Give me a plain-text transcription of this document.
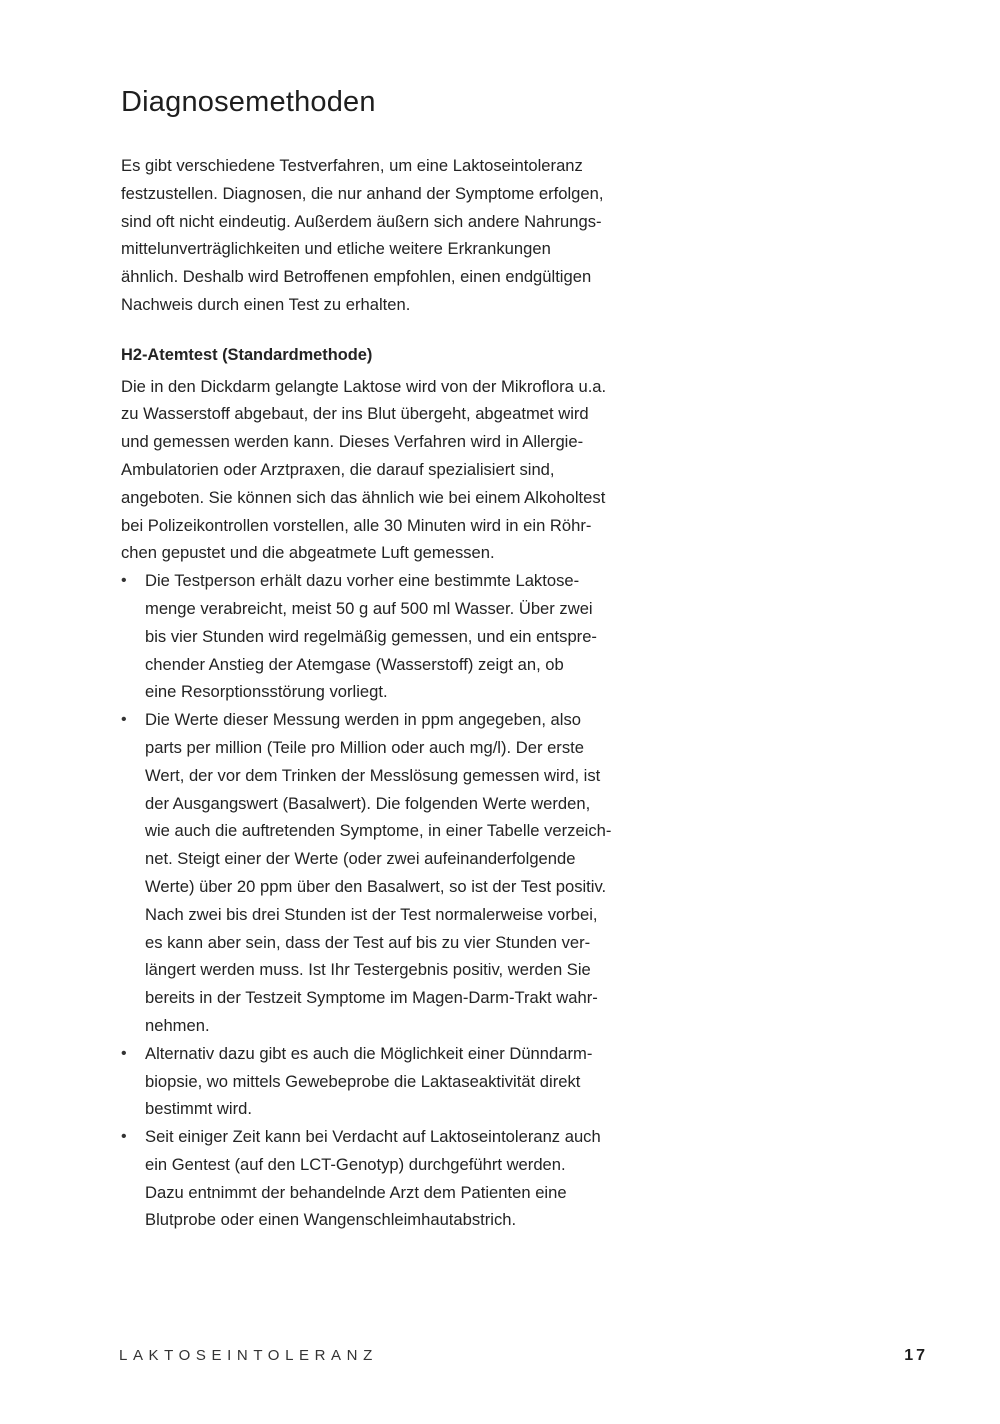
Diagnosemethoden
Es gibt verschiedene Testverfahren, um eine Laktoseintoleranz
festzustellen. Diagnosen, die nur anhand der Symptome erfolgen,
sind oft nicht eindeutig. Außerdem äußern sich andere Nahrungs-
mittelunverträglichkeiten und etliche weitere Erkrankungen
ähnlich. Deshalb wird Betroffenen empfohlen, einen endgültigen
Nachweis durch einen Test zu erhalten.
H2-Atemtest (Standardmethode)
Die in den Dickdarm gelangte Laktose wird von der Mikroflora u.a.
zu Wasserstoff abgebaut, der ins Blut übergeht, abgeatmet wird
und gemessen werden kann. Dieses Verfahren wird in Allergie-
Ambulatorien oder Arztpraxen, die darauf spezialisiert sind,
angeboten. Sie können sich das ähnlich wie bei einem Alkoholtest
bei Polizeikontrollen vorstellen, alle 30 Minuten wird in ein Röhr-
chen gepustet und die abgeatmete Luft gemessen.
•	Die Testperson erhält dazu vorher eine bestimmte Laktose-
menge verabreicht, meist 50 g auf 500 ml Wasser. Über zwei
bis vier Stunden wird regelmäßig gemessen, und ein entspre-
chender Anstieg der Atemgase (Wasserstoff) zeigt an, ob
eine Resorptionsstörung vorliegt.
•	Die Werte dieser Messung werden in ppm angegeben, also
parts per million (Teile pro Million oder auch mg/l). Der erste
Wert, der vor dem Trinken der Messlösung gemessen wird, ist
der Ausgangswert (Basalwert). Die folgenden Werte werden,
wie auch die auftretenden Symptome, in einer Tabelle verzeich-
net. Steigt einer der Werte (oder zwei aufeinanderfolgende
Werte) über 20 ppm über den Basalwert, so ist der Test positiv.
Nach zwei bis drei Stunden ist der Test normalerweise vorbei,
es kann aber sein, dass der Test auf bis zu vier Stunden ver-
längert werden muss. Ist Ihr Testergebnis positiv, werden Sie
bereits in der Testzeit Symptome im Magen-Darm-Trakt wahr-
nehmen.
•	Alternativ dazu gibt es auch die Möglichkeit einer Dünndarm-
biopsie, wo mittels Gewebeprobe die Laktaseaktivität direkt
bestimmt wird.
•	Seit einiger Zeit kann bei Verdacht auf Laktoseintoleranz auch
ein Gentest (auf den LCT-Genotyp) durchgeführt werden.
Dazu entnimmt der behandelnde Arzt dem Patienten eine
Blutprobe oder einen Wangenschleimhautabstrich.
LAKTOSEINTOLERANZ	17
